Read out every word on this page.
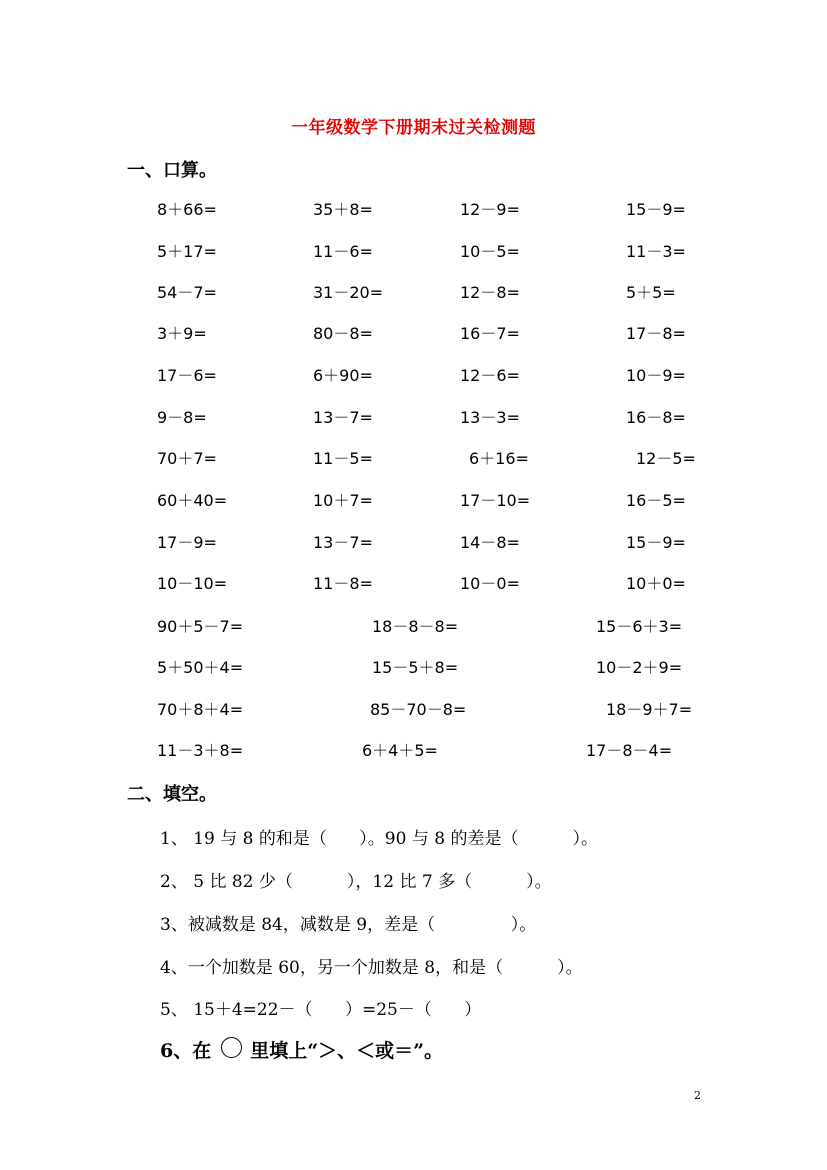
一年级数学下册期末过关检测题
一、口算。
8＋66=	35＋8=	12－9=	15－9=
5＋17=	11－6=	10－5=	11－3=
54－7=	31－20=	12－8=	5＋5=
3＋9=	80－8=	16－7=	17－8=
17－6=	6＋90=	12－6=	10－9=
9－8=	13－7=	13－3=	16－8=
70＋7=	11－5=	6＋16=	12－5=
60＋40=	10＋7=	17－10=	16－5=
17－9=	13－7=	14－8=	15－9=
10－10=	11－8=	10－0=	10＋0=
90＋5－7=	18－8－8=	15－6＋3=
5＋50＋4=	15－5＋8=	10－2＋9=
70＋8＋4=	85－70－8=	18－9＋7=
11－3＋8=	6＋4＋5=	17－8－4=
二、填空。
1、 19 与 8 的和是（      ）。90 与 8 的差是（          ）。
2、 5 比 82 少（          ），12 比 7 多（          ）。
3、被减数是 84，减数是 9，差是（              ）。
4、一个加数是 60，另一个加数是 8，和是（          ）。
5、 15＋4=22－（      ）=25－（      ）
6、在 里填上“＞、＜或＝”。
2
